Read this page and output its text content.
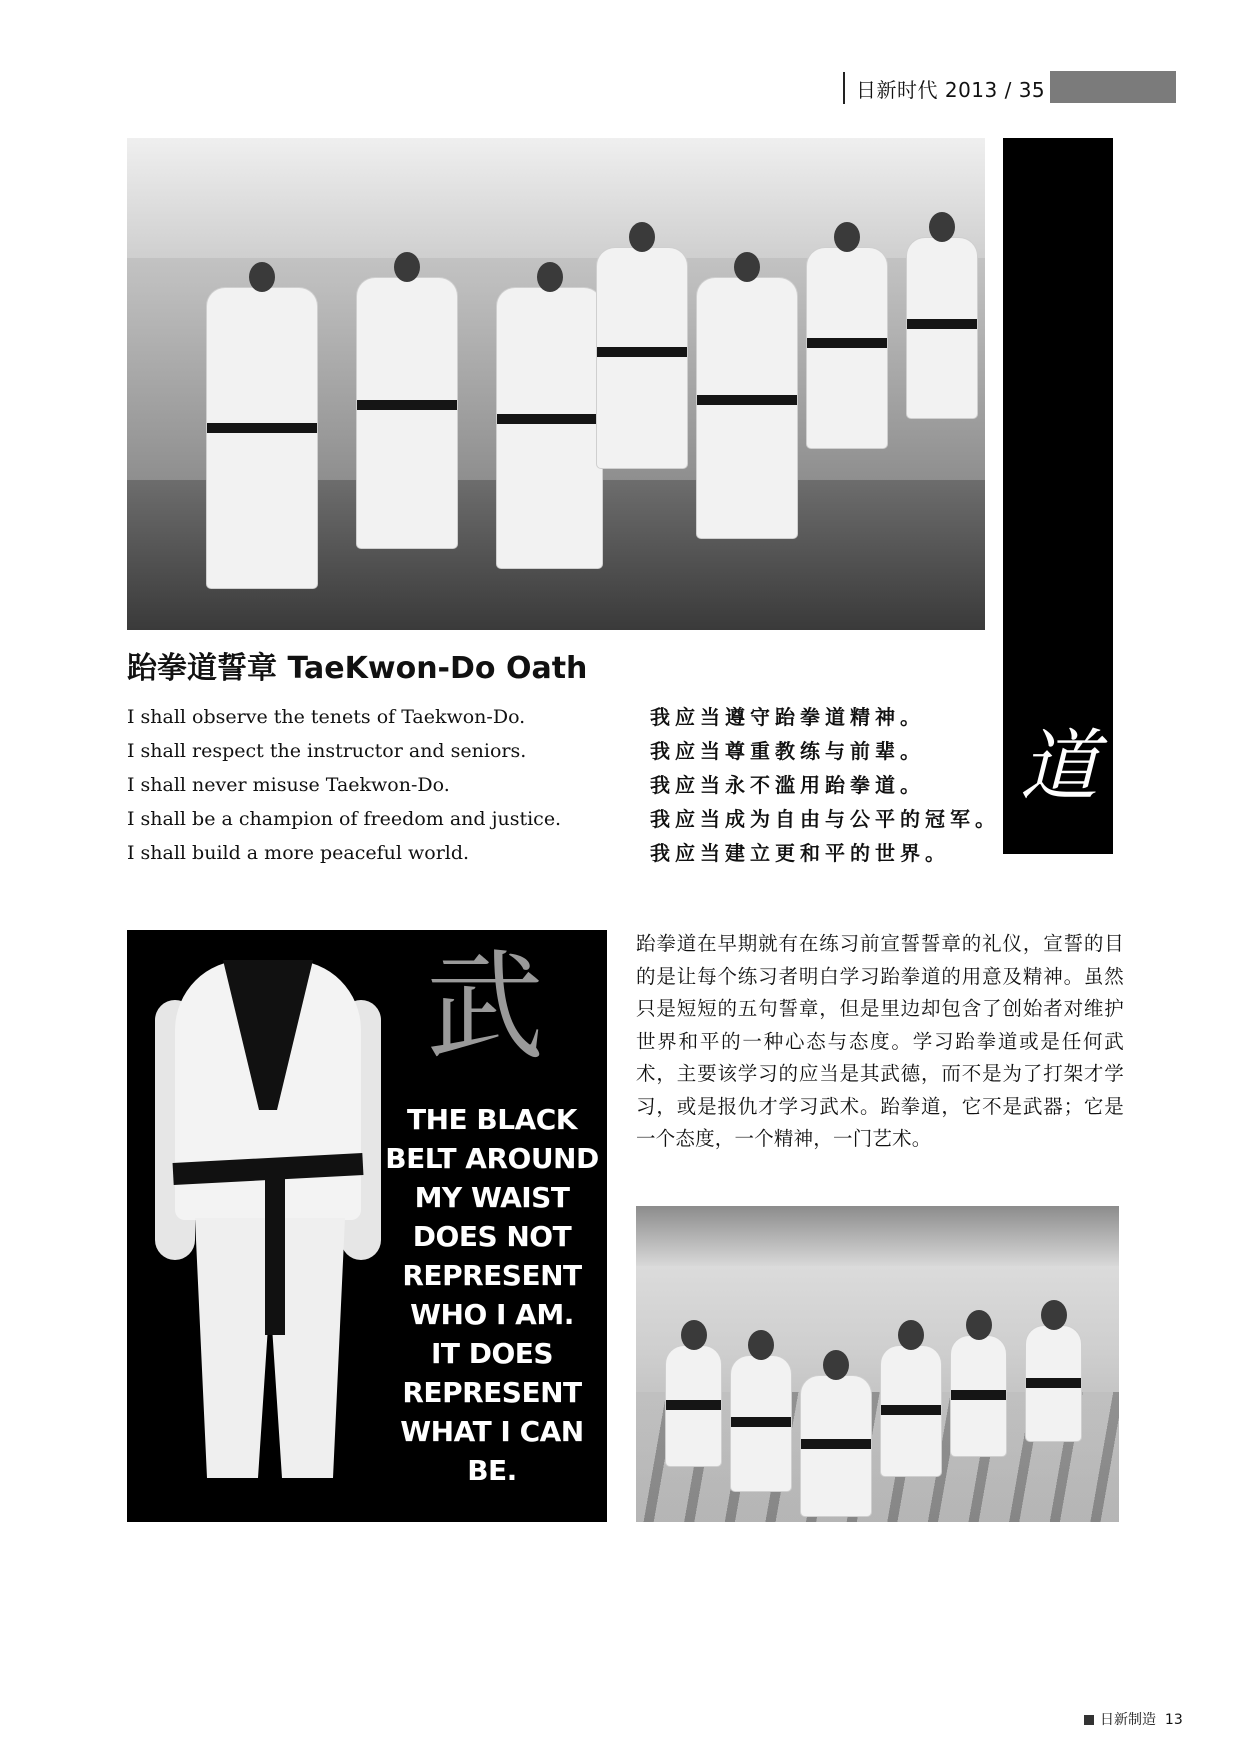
日新时代 2013 / 35
道
跆拳道誓章 TaeKwon-Do Oath
I shall observe the tenets of Taekwon-Do.
I shall respect the instructor and seniors.
I shall never misuse Taekwon-Do.
I shall be a champion of freedom and justice.
I shall build a more peaceful world.
我应当遵守跆拳道精神。
我应当尊重教练与前辈。
我应当永不滥用跆拳道。
我应当成为自由与公平的冠军。
我应当建立更和平的世界。
武
THE BLACK
BELT AROUND
MY WAIST
DOES NOT
REPRESENT
WHO I AM.
IT DOES
REPRESENT
WHAT I CAN
BE.
跆拳道在早期就有在练习前宣誓誓章的礼仪，宣誓的目的是让每个练习者明白学习跆拳道的用意及精神。虽然只是短短的五句誓章，但是里边却包含了创始者对维护世界和平的一种心态与态度。学习跆拳道或是任何武术，主要该学习的应当是其武德，而不是为了打架才学习，或是报仇才学习武术。跆拳道，它不是武器；它是一个态度，一个精神，一门艺术。
日新制造 13
